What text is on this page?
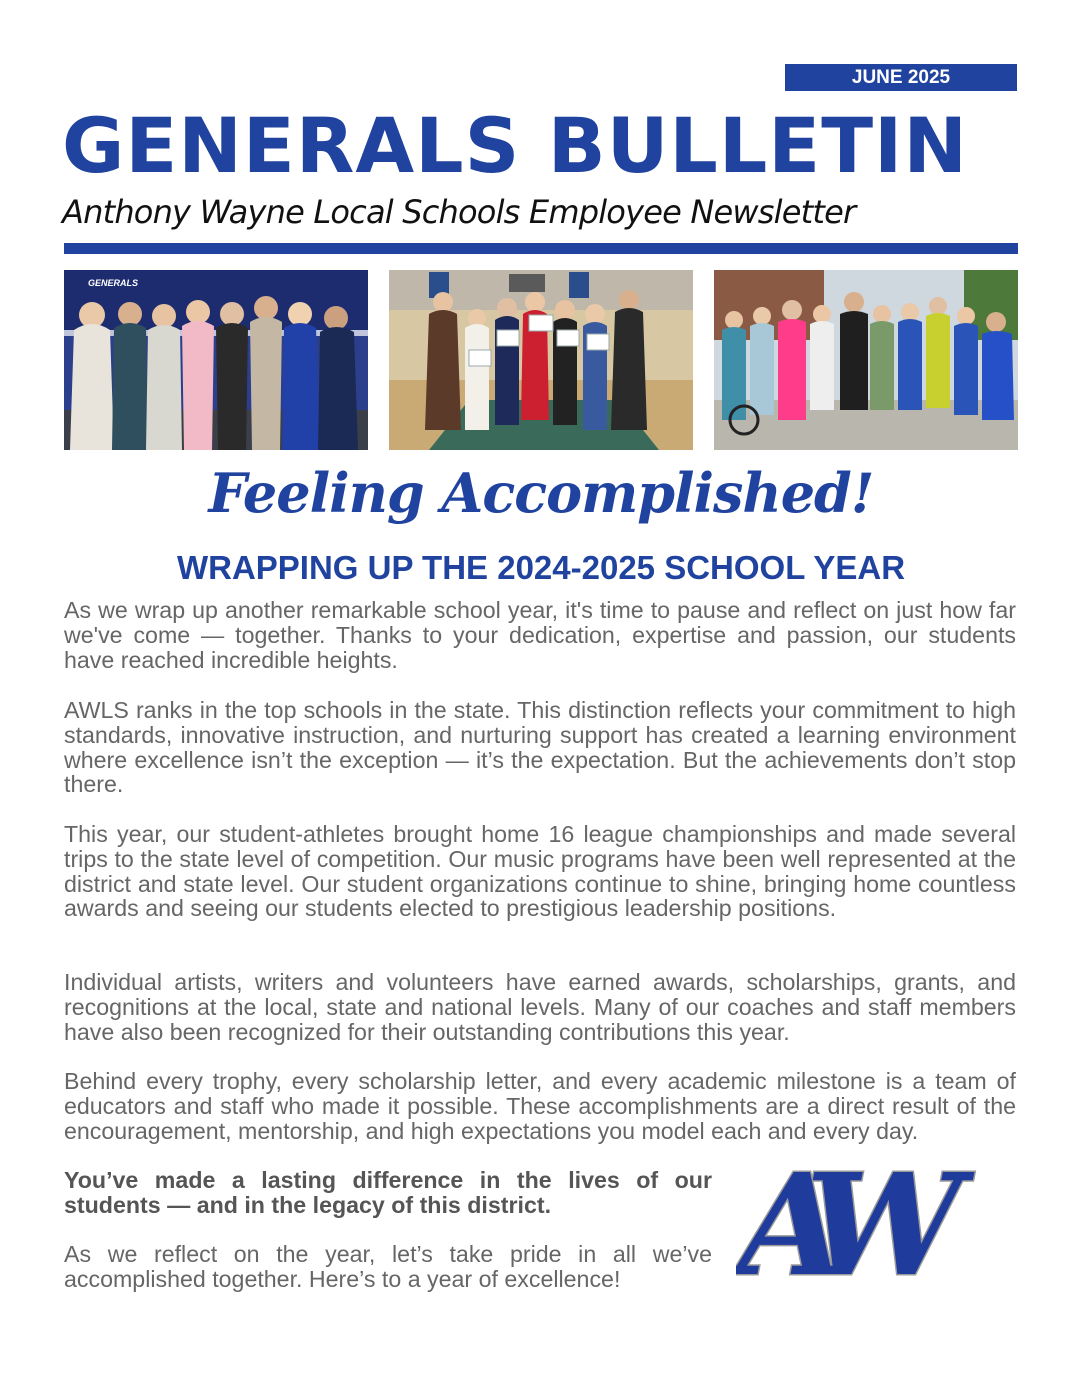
JUNE 2025
GENERALS BULLETIN

Anthony Wayne Local Schools Employee Newsletter

GENERALS
Feeling Accomplished!
WRAPPING UP THE 2024-2025 SCHOOL YEAR

As we wrap up another remarkable school year, it's time to pause and reflect on just how far we've come — together. Thanks to your dedication, expertise and passion, our students have reached incredible heights.

AWLS ranks in the top schools in the state. This distinction reflects your commitment to high standards, innovative instruction, and nurturing support has created a learning environment where excellence isn’t the exception — it’s the expectation. But the achievements don’t stop there.

This year, our student-athletes brought home 16 league championships and made several trips to the state level of competition. Our music programs have been well represented at the district and state level. Our student organizations continue to shine, bringing home countless awards and seeing our students elected to prestigious leadership positions.

Individual artists, writers and volunteers have earned awards, scholarships, grants, and recognitions at the local, state and national levels. Many of our coaches and staff members have also been recognized for their outstanding contributions this year.

Behind every trophy, every scholarship letter, and every academic milestone is a team of educators and staff who made it possible. These accomplishments are a direct result of the encouragement, mentorship, and high expectations you model each and every day.

You’ve made a lasting difference in the lives of our students — and in the legacy of this district.

As we reflect on the year, let’s take pride in all we’ve accomplished together. Here’s to a year of excellence! AW
